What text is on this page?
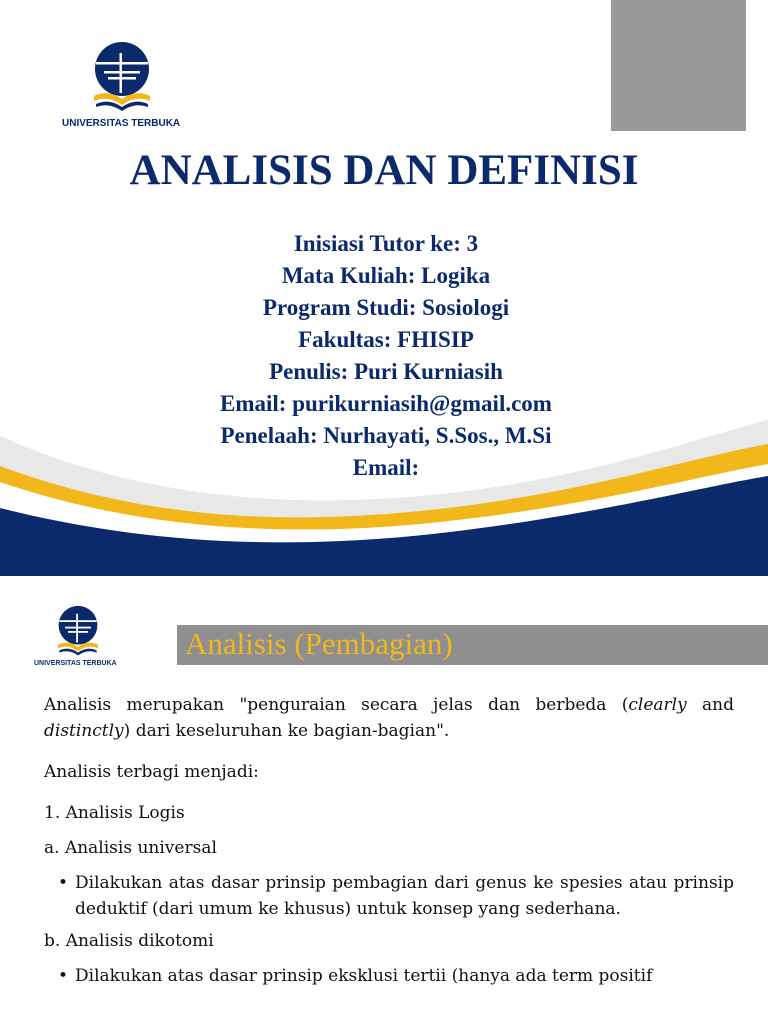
UNIVERSITAS TERBUKA
ANALISIS DAN DEFINISI
Inisiasi Tutor ke: 3
Mata Kuliah: Logika
Program Studi: Sosiologi
Fakultas: FHISIP
Penulis: Puri Kurniasih
Email: purikurniasih@gmail.com
Penelaah: Nurhayati, S.Sos., M.Si
Email:
UNIVERSITAS TERBUKA
Analisis (Pembagian)

Analisis merupakan "penguraian secara jelas dan berbeda (clearly and distinctly) dari keseluruhan ke bagian-bagian".

Analisis terbagi menjadi:

1. Analisis Logis

a. Analisis universal

• Dilakukan atas dasar prinsip pembagian dari genus ke spesies atau prinsip deduktif (dari umum ke khusus) untuk konsep yang sederhana.

b. Analisis dikotomi

• Dilakukan atas dasar prinsip eksklusi tertii (hanya ada term positif
